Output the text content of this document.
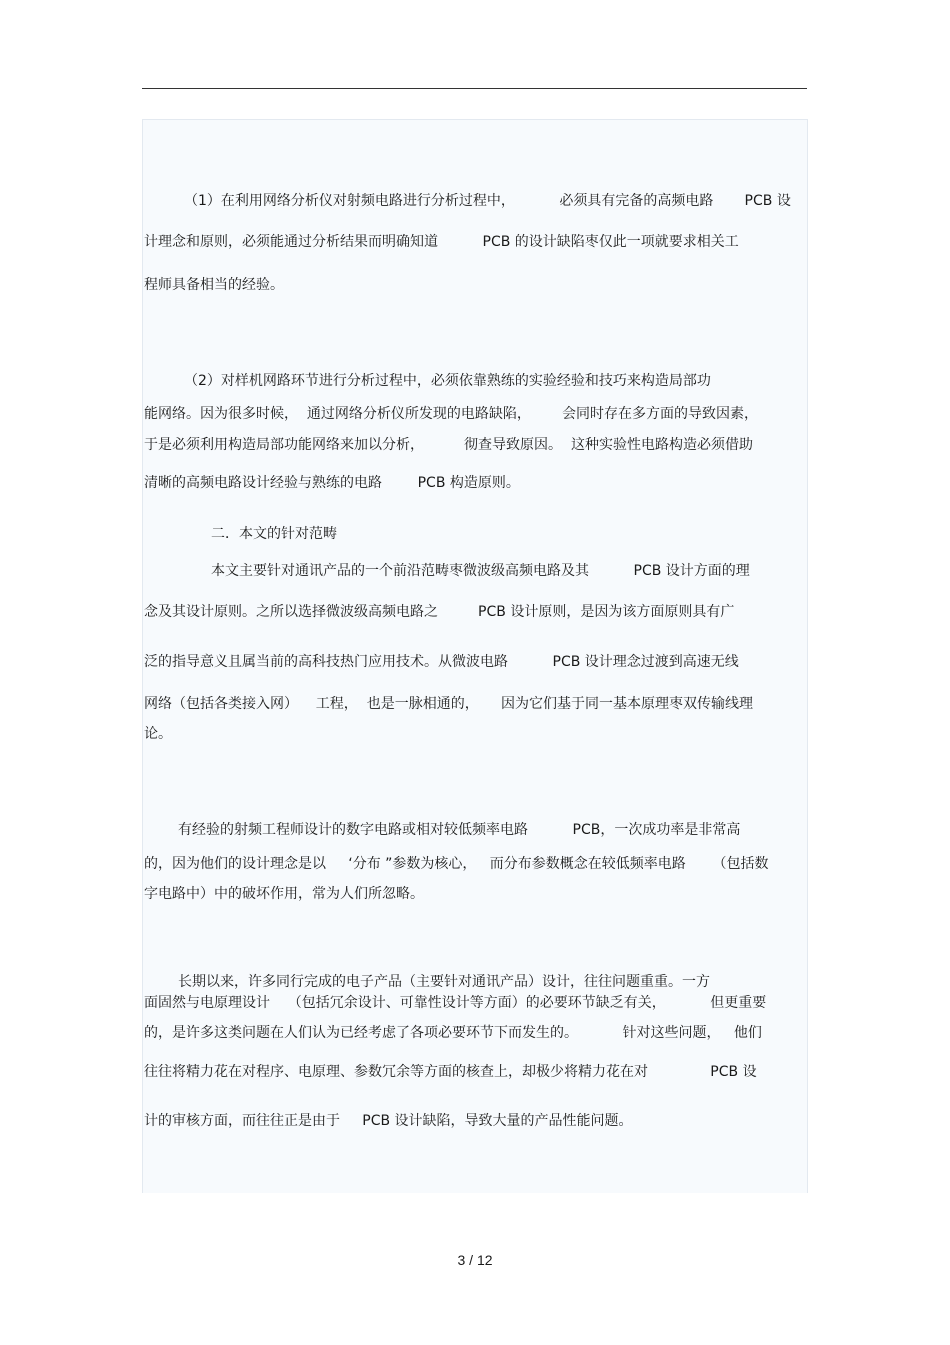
（1）在利用网络分析仪对射频电路进行分析过程中，          必须具有完备的高频电路       PCB 设
计理念和原则，必须能通过分析结果而明确知道          PCB 的设计缺陷枣仅此一项就要求相关工
程师具备相当的经验。
（2）对样机网路环节进行分析过程中，必须依靠熟练的实验经验和技巧来构造局部功
能网络。因为很多时候，  通过网络分析仪所发现的电路缺陷，       会同时存在多方面的导致因素，
于是必须利用构造局部功能网络来加以分析，         彻查导致原因。  这种实验性电路构造必须借助
清晰的高频电路设计经验与熟练的电路        PCB 构造原则。
二．本文的针对范畴
本文主要针对通讯产品的一个前沿范畴枣微波级高频电路及其          PCB 设计方面的理
念及其设计原则。之所以选择微波级高频电路之         PCB 设计原则，是因为该方面原则具有广
泛的指导意义且属当前的高科技热门应用技术。从微波电路          PCB 设计理念过渡到高速无线
网络（包括各类接入网）    工程，  也是一脉相通的，     因为它们基于同一基本原理枣双传输线理
论。
有经验的射频工程师设计的数字电路或相对较低频率电路          PCB，一次成功率是非常高
的，因为他们的设计理念是以     ‘分布 ”参数为核心，   而分布参数概念在较低频率电路      （包括数
字电路中）中的破坏作用，常为人们所忽略。
长期以来，许多同行完成的电子产品（主要针对通讯产品）设计，往往问题重重。一方
面固然与电原理设计    （包括冗余设计、可靠性设计等方面）的必要环节缺乏有关，          但更重要
的，是许多这类问题在人们认为已经考虑了各项必要环节下而发生的。          针对这些问题，   他们
往往将精力花在对程序、电原理、参数冗余等方面的核查上，却极少将精力花在对              PCB 设
计的审核方面，而往往正是由于     PCB 设计缺陷，导致大量的产品性能问题。
3 / 12
